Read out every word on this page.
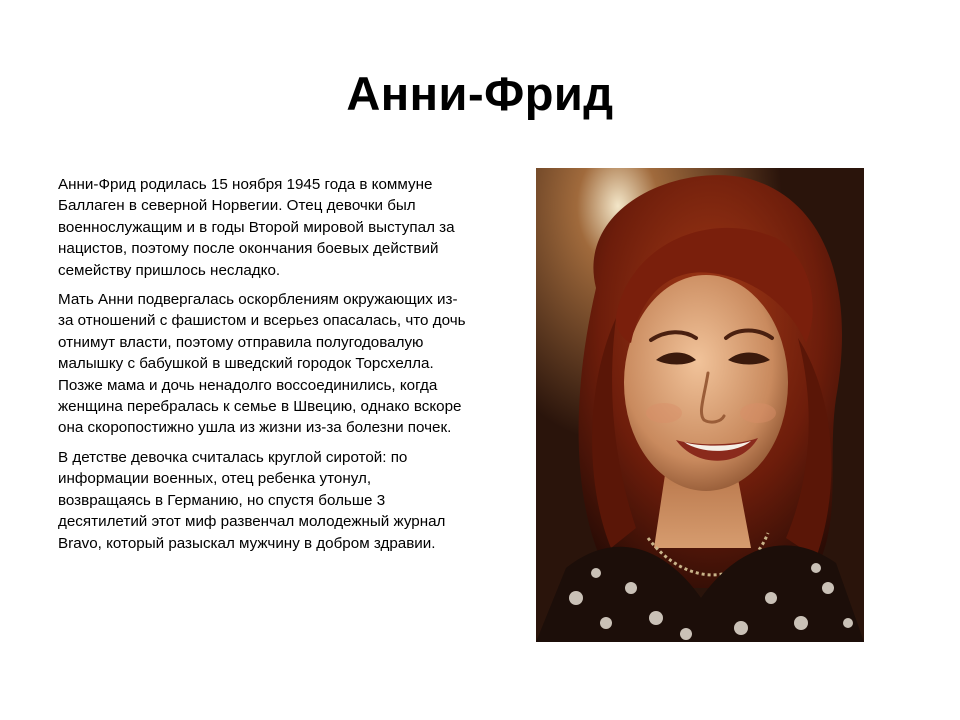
Анни-Фрид

Анни-Фрид родилась 15 ноября 1945 года в коммуне Баллаген в северной Норвегии. Отец девочки был военнослужащим и в годы Второй мировой выступал за нацистов, поэтому после окончания боевых действий семейству пришлось несладко.

Мать Анни подвергалась оскорблениям окружающих из-за отношений с фашистом и всерьез опасалась, что дочь отнимут власти, поэтому отправила полугодовалую малышку с бабушкой в шведский городок Торсхелла. Позже мама и дочь ненадолго воссоединились, когда женщина перебралась к семье в Швецию, однако вскоре она скоропостижно ушла из жизни из-за болезни почек.

В детстве девочка считалась круглой сиротой: по информации военных, отец ребенка утонул, возвращаясь в Германию, но спустя больше 3 десятилетий этот миф развенчал молодежный журнал Bravo, который разыскал мужчину в добром здравии.
